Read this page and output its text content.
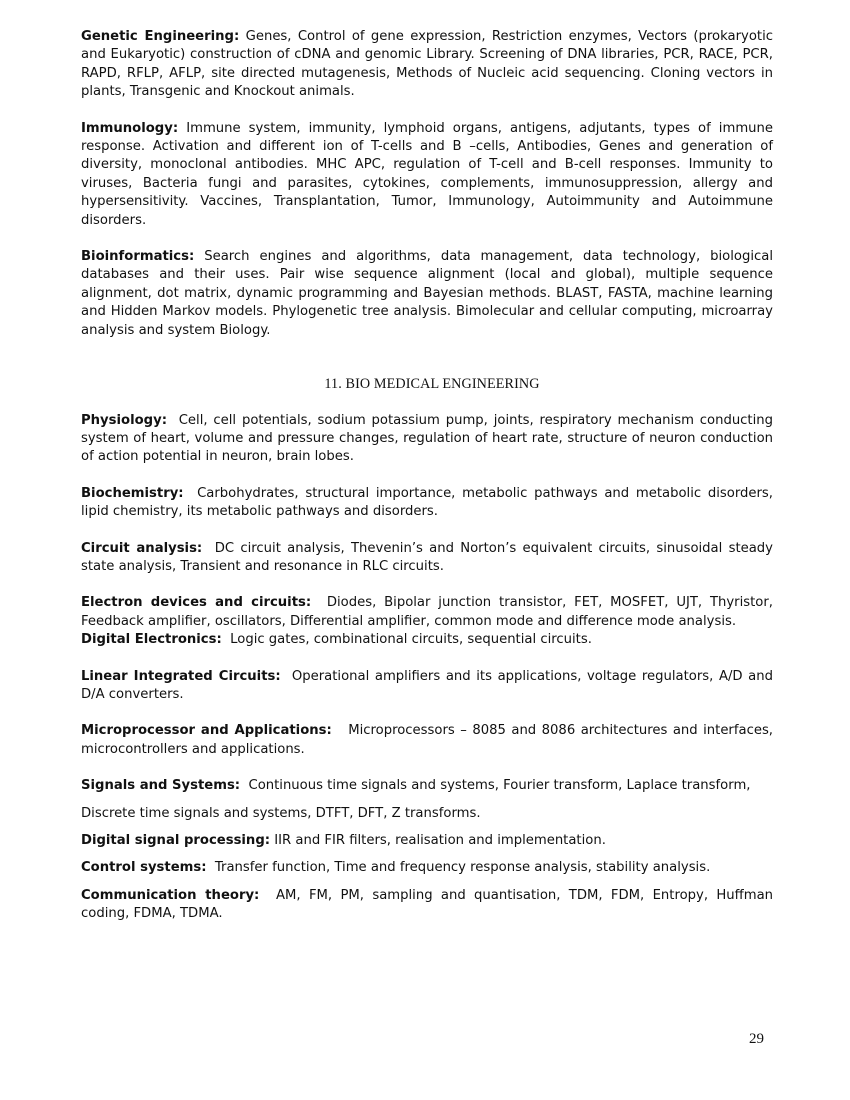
Genetic Engineering: Genes, Control of gene expression, Restriction enzymes, Vectors (prokaryotic and Eukaryotic) construction of cDNA and genomic Library. Screening of DNA libraries, PCR, RACE, PCR, RAPD, RFLP, AFLP, site directed mutagenesis, Methods of Nucleic acid sequencing. Cloning vectors in plants, Transgenic and Knockout animals.

Immunology: Immune system, immunity, lymphoid organs, antigens, adjutants, types of immune response. Activation and different ion of T-cells and B –cells, Antibodies, Genes and generation of diversity, monoclonal antibodies. MHC APC, regulation of T-cell and B-cell responses. Immunity to viruses, Bacteria fungi and parasites, cytokines, complements, immunosuppression, allergy and hypersensitivity. Vaccines, Transplantation, Tumor, Immunology, Autoimmunity and Autoimmune disorders.

Bioinformatics: Search engines and algorithms, data management, data technology, biological databases and their uses. Pair wise sequence alignment (local and global), multiple sequence alignment, dot matrix, dynamic programming and Bayesian methods. BLAST, FASTA, machine learning and Hidden Markov models. Phylogenetic tree analysis. Bimolecular and cellular computing, microarray analysis and system Biology.

11. BIO MEDICAL ENGINEERING

Physiology: Cell, cell potentials, sodium potassium pump, joints, respiratory mechanism conducting system of heart, volume and pressure changes, regulation of heart rate, structure of neuron conduction of action potential in neuron, brain lobes.

Biochemistry: Carbohydrates, structural importance, metabolic pathways and metabolic disorders, lipid chemistry, its metabolic pathways and disorders.

Circuit analysis: DC circuit analysis, Thevenin’s and Norton’s equivalent circuits, sinusoidal steady state analysis, Transient and resonance in RLC circuits.

Electron devices and circuits: Diodes, Bipolar junction transistor, FET, MOSFET, UJT, Thyristor, Feedback amplifier, oscillators, Differential amplifier, common mode and difference mode analysis.

Digital Electronics: Logic gates, combinational circuits, sequential circuits.

Linear Integrated Circuits: Operational amplifiers and its applications, voltage regulators, A/D and D/A converters.

Microprocessor and Applications: Microprocessors – 8085 and 8086 architectures and interfaces, microcontrollers and applications.

Signals and Systems: Continuous time signals and systems, Fourier transform, Laplace transform,

Discrete time signals and systems, DTFT, DFT, Z transforms.

Digital signal processing: IIR and FIR filters, realisation and implementation.

Control systems: Transfer function, Time and frequency response analysis, stability analysis.

Communication theory: AM, FM, PM, sampling and quantisation, TDM, FDM, Entropy, Huffman coding, FDMA, TDMA.

29
